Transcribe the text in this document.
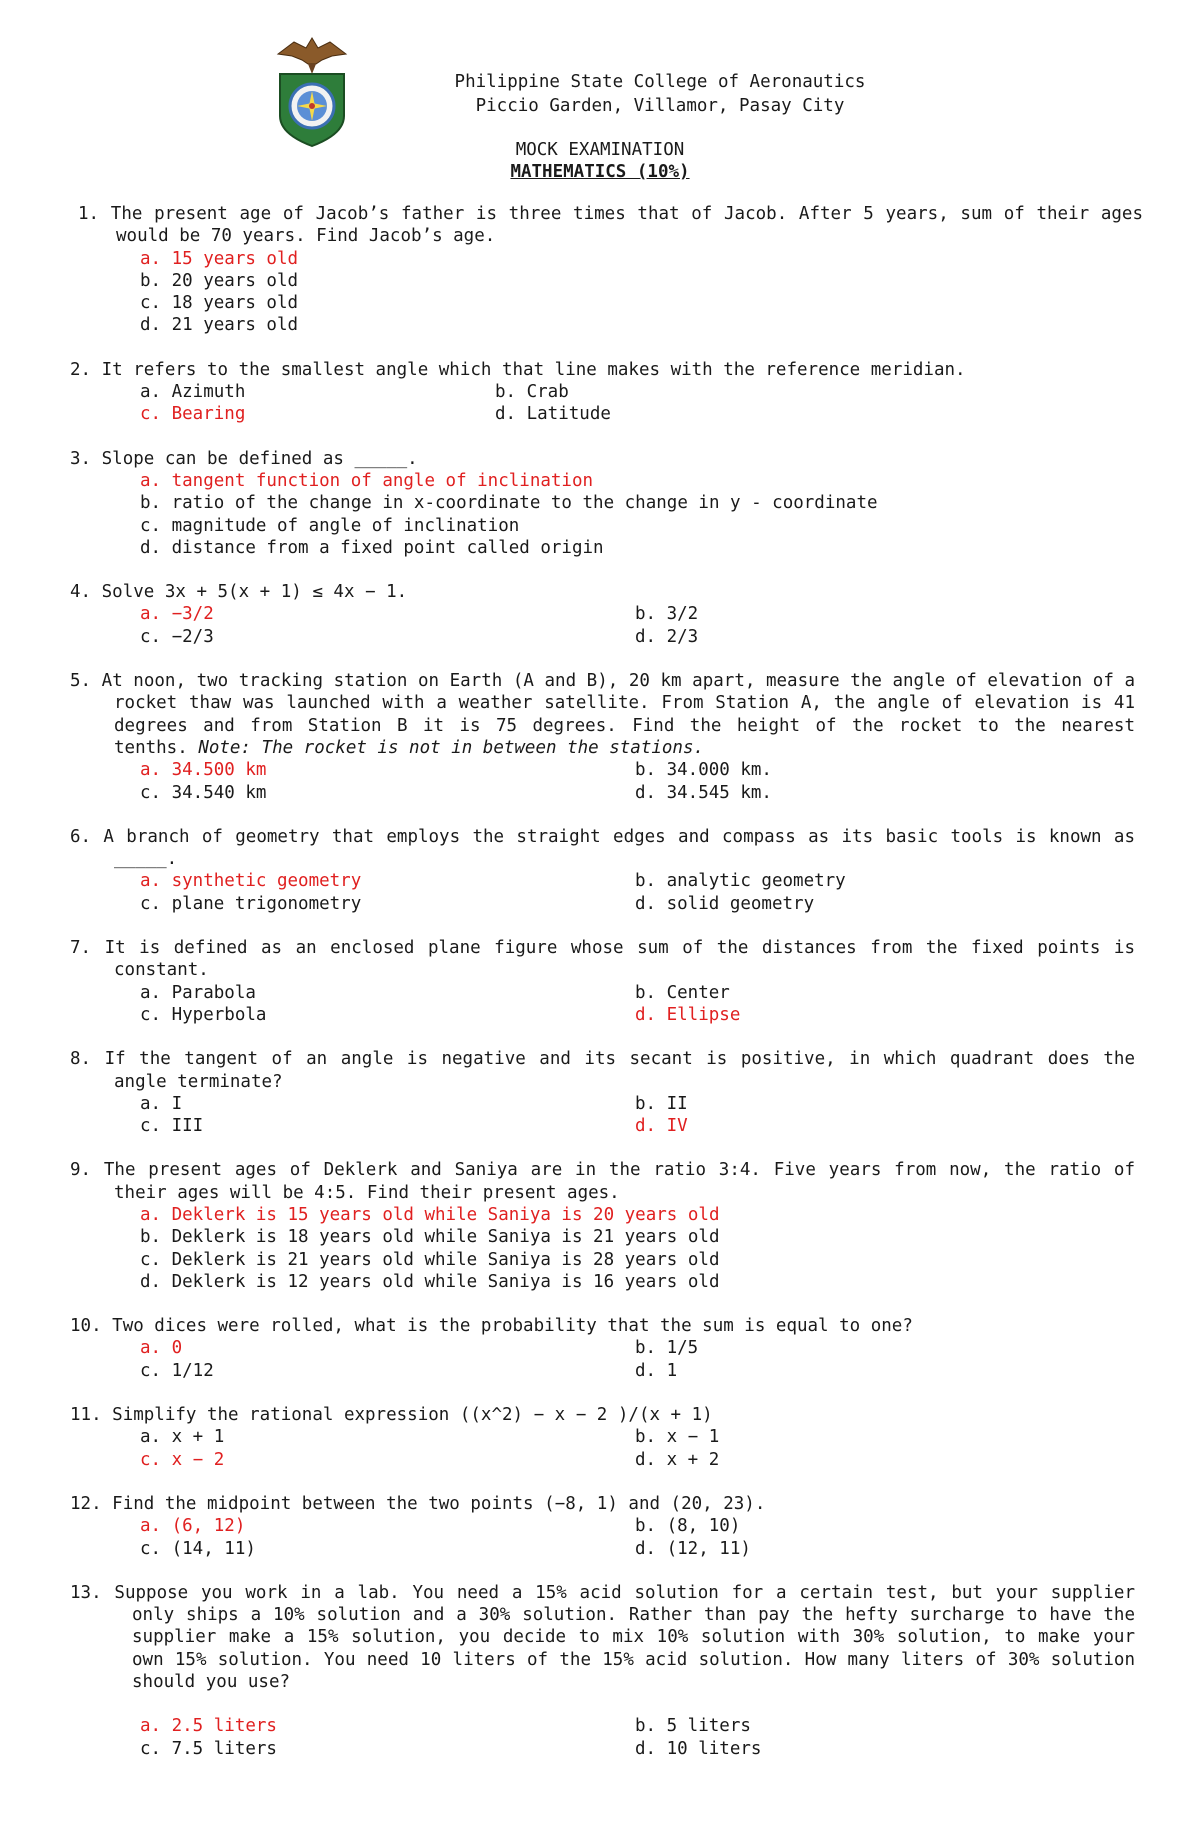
Philippine State College of Aeronautics
Piccio Garden, Villamor, Pasay City
MOCK EXAMINATION
MATHEMATICS (10%)
1. The present age of Jacob’s father is three times that of Jacob. After 5 years, sum of their ages would be 70 years. Find Jacob’s age.
a. 15 years old
b. 20 years old
c. 18 years old
d. 21 years old
2. It refers to the smallest angle which that line makes with the reference meridian.
a. Azimuth	b. Crab
c. Bearing	d. Latitude
3. Slope can be defined as _____.
a. tangent function of angle of inclination
b. ratio of the change in x-coordinate to the change in y - coordinate
c. magnitude of angle of inclination
d. distance from a fixed point called origin
4. Solve 3x + 5(x + 1) ≤ 4x − 1.
a. −3/2	b. 3/2
c. −2/3	d. 2/3
5. At noon, two tracking station on Earth (A and B), 20 km apart, measure the angle of elevation of a rocket thaw was launched with a weather satellite. From Station A, the angle of elevation is 41 degrees and from Station B it is 75 degrees. Find the height of the rocket to the nearest tenths. Note: The rocket is not in between the stations.
a. 34.500 km	b. 34.000 km.
c. 34.540 km	d. 34.545 km.
6. A branch of geometry that employs the straight edges and compass as its basic tools is known as _____.
a. synthetic geometry	b. analytic geometry
c. plane trigonometry	d. solid geometry
7. It is defined as an enclosed plane figure whose sum of the distances from the fixed points is constant.
a. Parabola	b. Center
c. Hyperbola	d. Ellipse
8. If the tangent of an angle is negative and its secant is positive, in which quadrant does the angle terminate?
a. I	b. II
c. III	d. IV
9. The present ages of Deklerk and Saniya are in the ratio 3:4. Five years from now, the ratio of their ages will be 4:5. Find their present ages.
a. Deklerk is 15 years old while Saniya is 20 years old
b. Deklerk is 18 years old while Saniya is 21 years old
c. Deklerk is 21 years old while Saniya is 28 years old
d. Deklerk is 12 years old while Saniya is 16 years old
10. Two dices were rolled, what is the probability that the sum is equal to one?
a. 0	b. 1/5
c. 1/12	d. 1
11. Simplify the rational expression ((x^2) − x − 2 )/(x + 1)
a. x + 1	b. x − 1
c. x − 2	d. x + 2
12. Find the midpoint between the two points (−8, 1) and (20, 23).
a. (6, 12)	b. (8, 10)
c. (14, 11)	d. (12, 11)
13. Suppose you work in a lab. You need a 15% acid solution for a certain test, but your supplier only ships a 10% solution and a 30% solution. Rather than pay the hefty surcharge to have the supplier make a 15% solution, you decide to mix 10% solution with 30% solution, to make your own 15% solution. You need 10 liters of the 15% acid solution. How many liters of 30% solution should you use?
a. 2.5 liters	b. 5 liters
c. 7.5 liters	d. 10 liters
